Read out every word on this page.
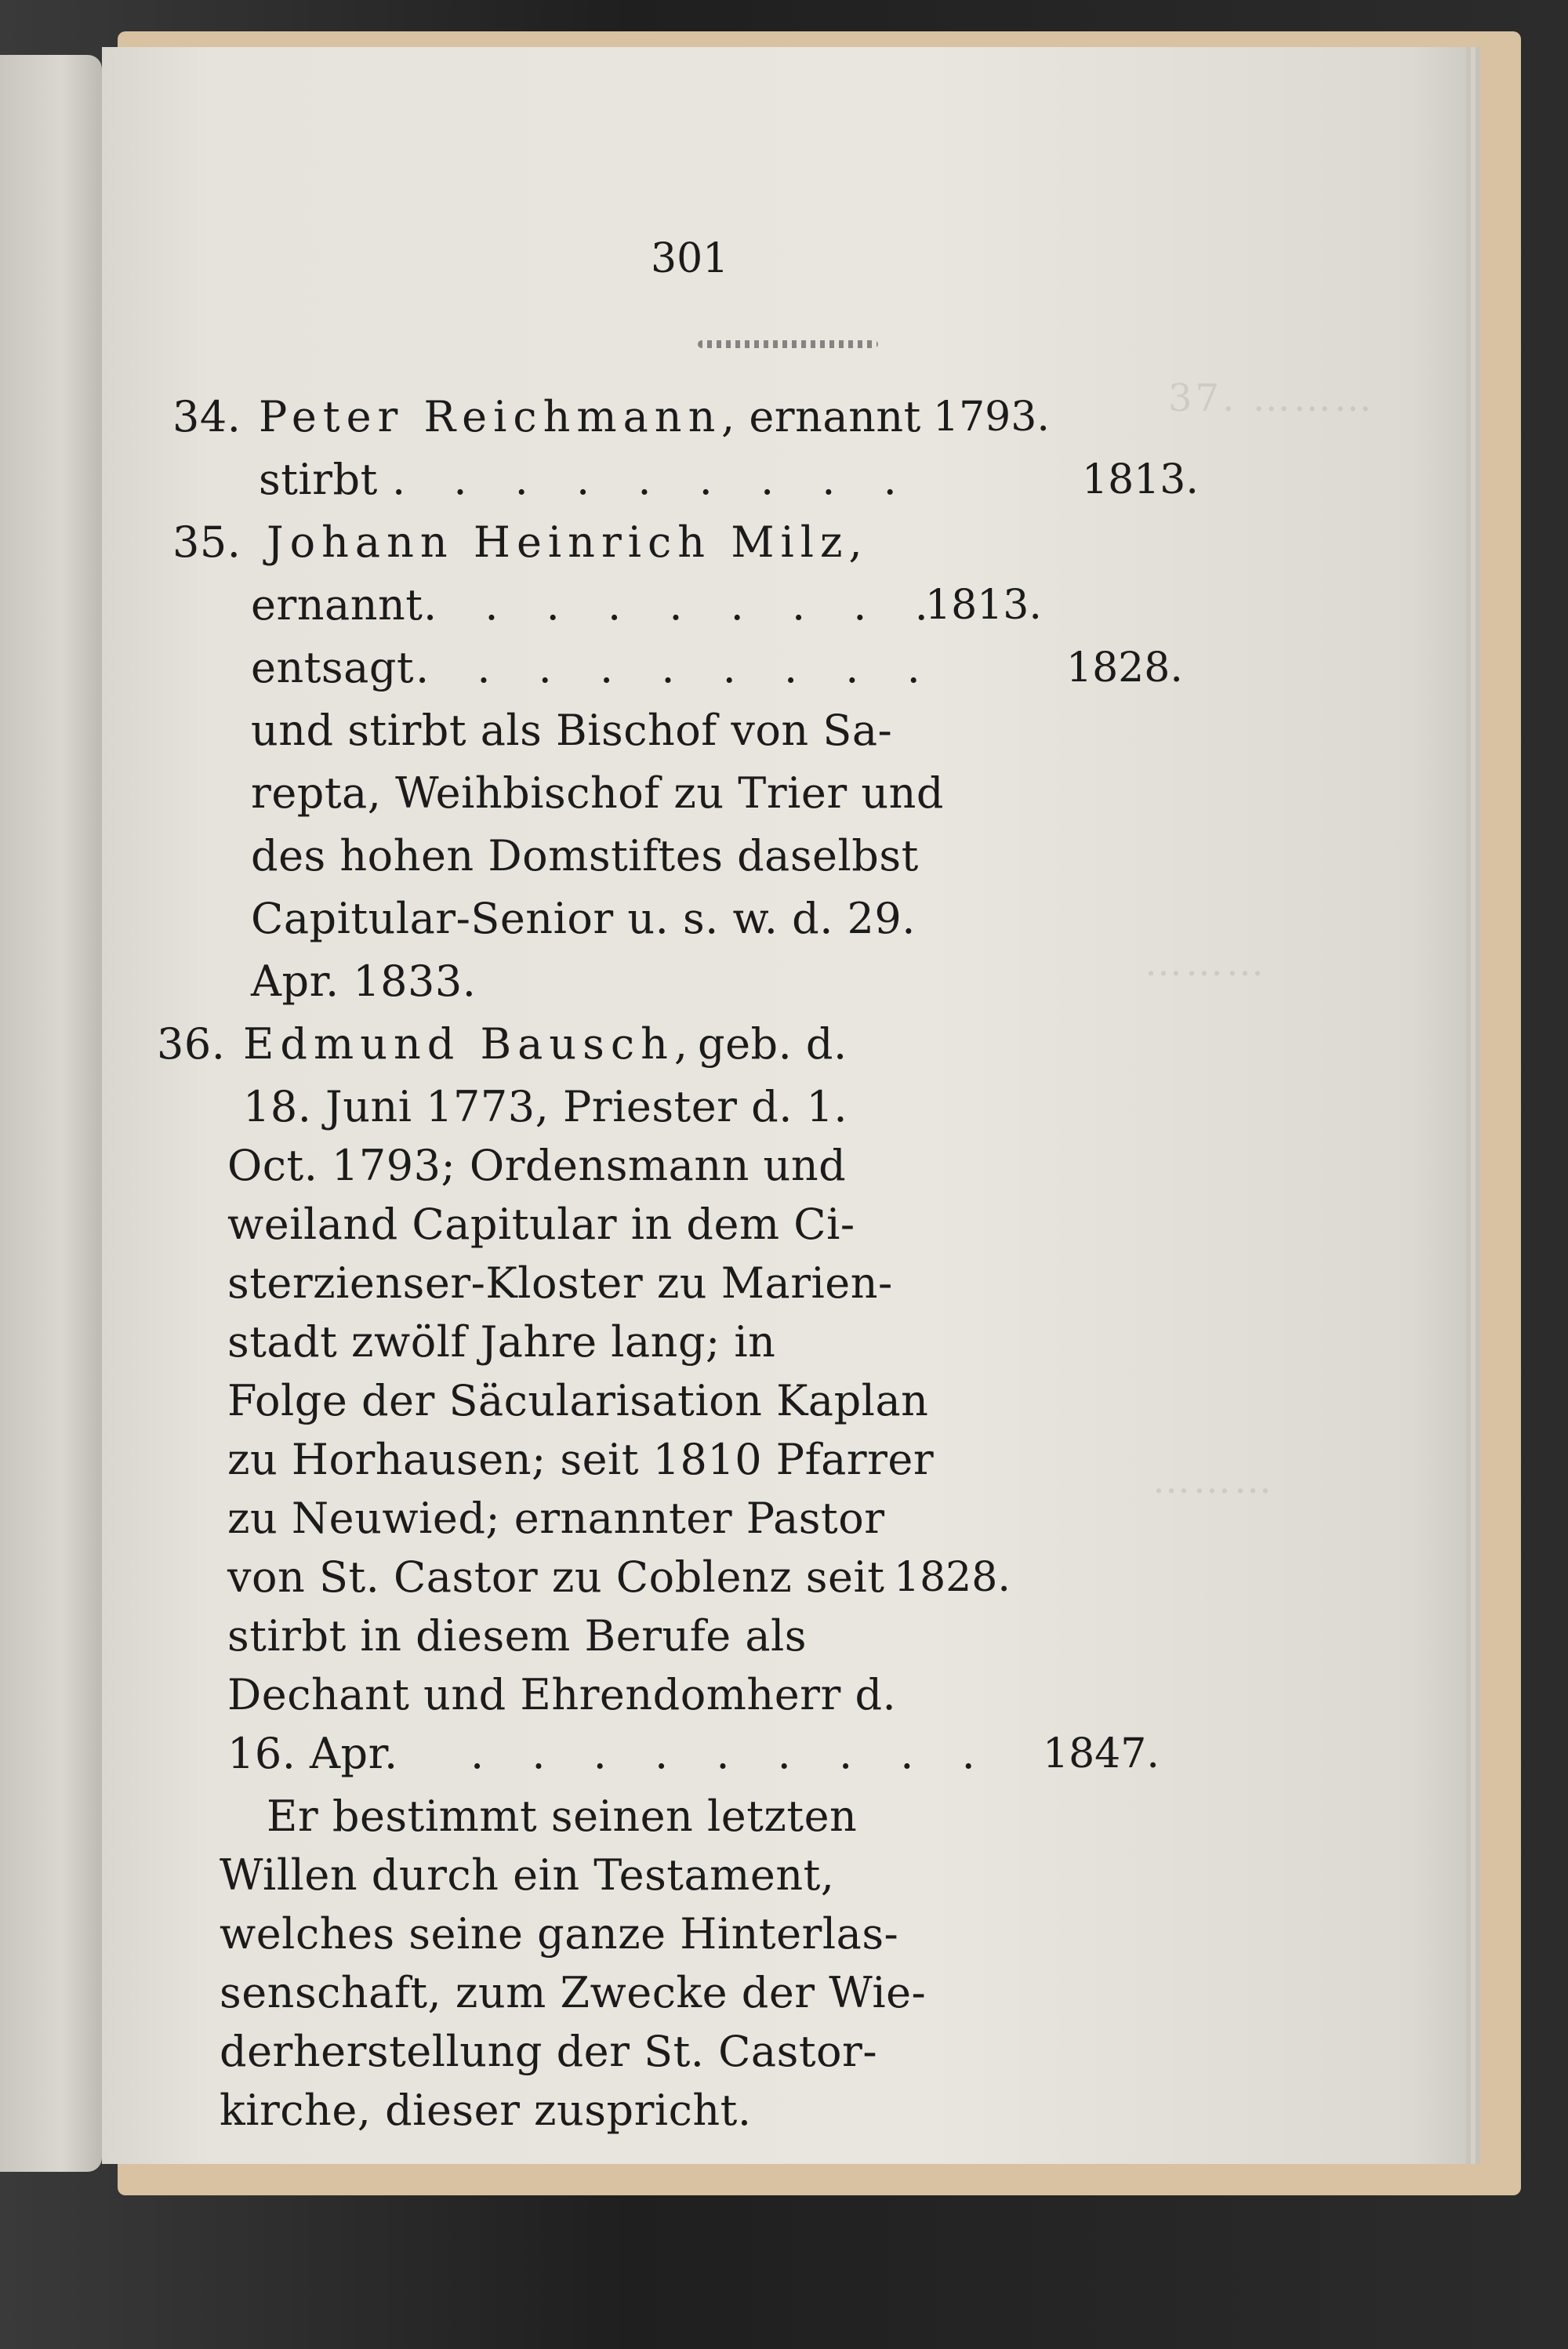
37. ………
………
………
301
34. Peter Reichmann , ernannt 1793.
stirbt . . . . . . . . .	1813.
35. Johann Heinrich Milz,
ernannt . . . . . . . . .
1813.
entsagt . . . . . . . . .	1828.
und stirbt als Bischof von Sa-
repta, Weihbischof zu Trier und
des hohen Domstiftes daselbst
Capitular-Senior u. s. w. d. 29.
Apr. 1833.
36. Edmund Bausch, geb. d.
18. Juni 1773, Priester d. 1.
Oct. 1793; Ordensmann und
weiland Capitular in dem Ci-
sterzienser-Kloster zu Marien-
stadt zwölf Jahre lang; in
Folge der Säcularisation Kaplan
zu Horhausen; seit 1810 Pfarrer
zu Neuwied; ernannter Pastor
von St. Castor zu Coblenz seit 1828.
stirbt in diesem Berufe als
Dechant und Ehrendomherr d.
16. Apr. . . . . . . . . . 1847.
Er bestimmt seinen letzten
Willen durch ein Testament,
welches seine ganze Hinterlas-
senschaft, zum Zwecke der Wie-
derherstellung der St. Castor-
kirche, dieser zuspricht.
